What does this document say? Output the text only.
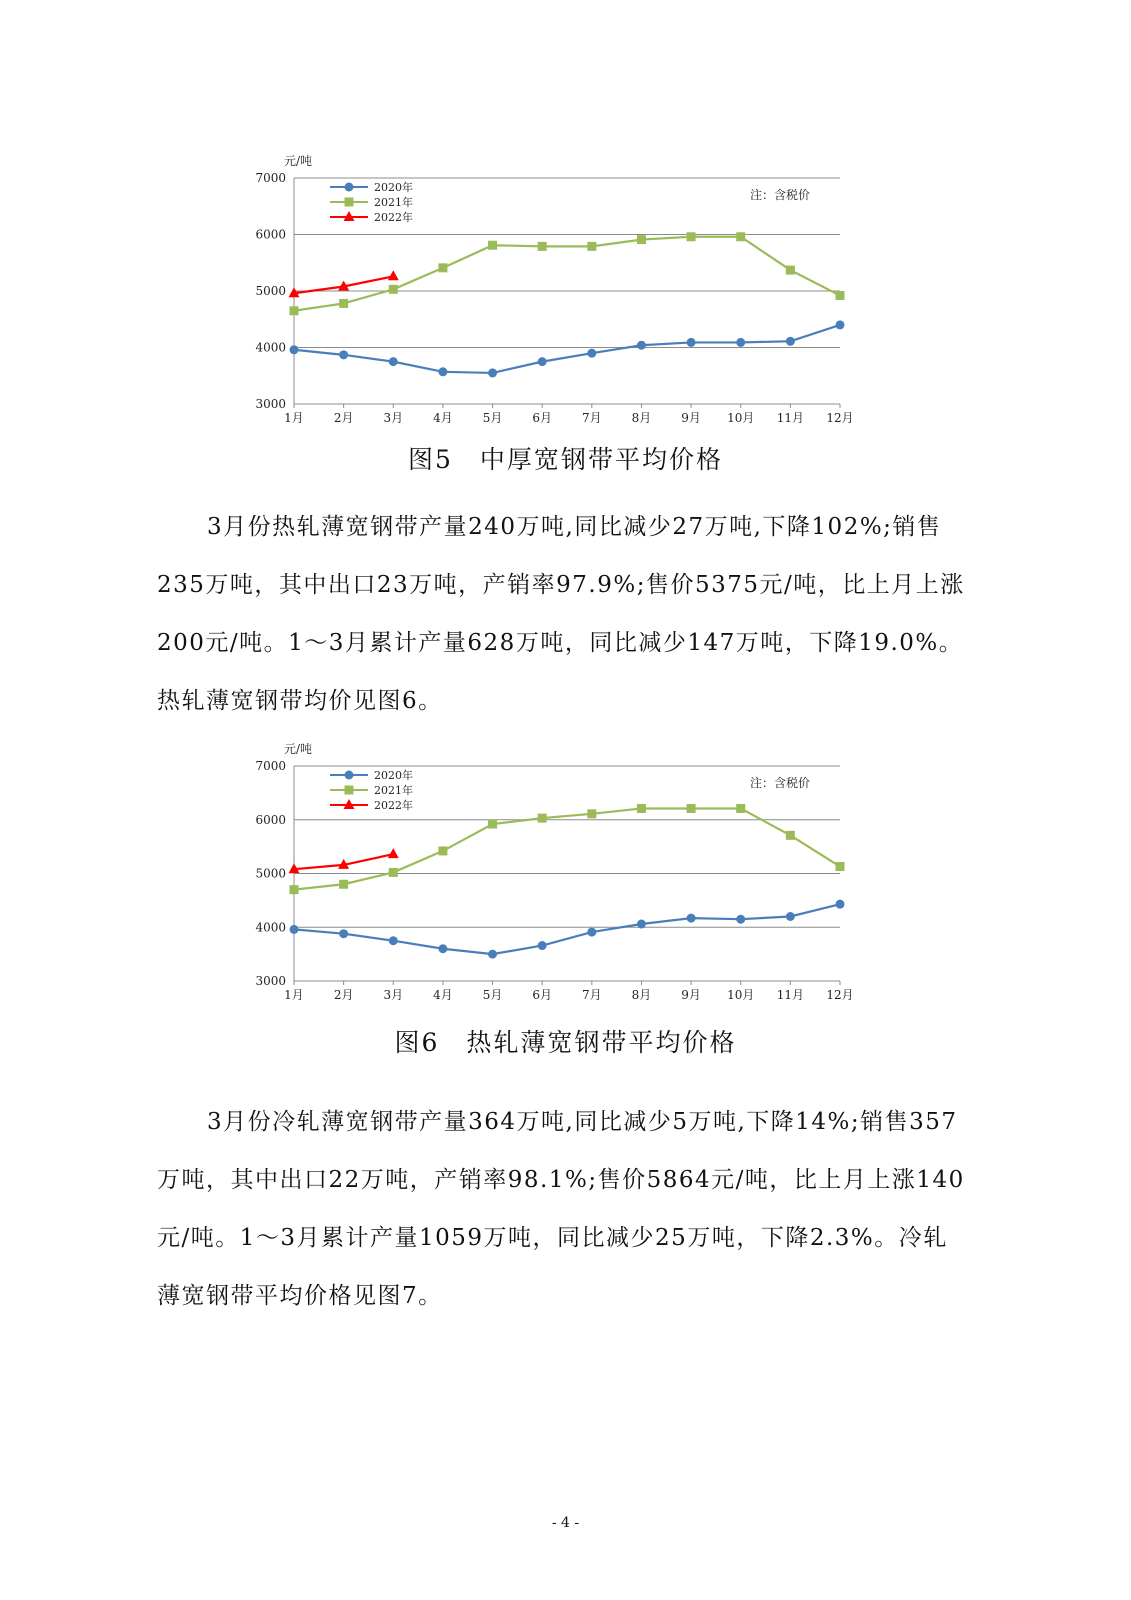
元/吨
3000
4000
5000
6000
7000
1月 2月 3月 4月 5月 6月 7月 8月 9月 10月 11月 12月
2020年
2021年
2022年
注：含税价
图5　中厚宽钢带平均价格
3月份热轧薄宽钢带产量240万吨,同比减少27万吨,下降102%;销售235万吨，其中出口23万吨，产销率97.9%;售价5375元/吨，比上月上涨200元/吨。1～3月累计产量628万吨，同比减少147万吨，下降19.0%。热轧薄宽钢带均价见图6。
元/吨
3000
4000
5000
6000
7000
1月 2月 3月 4月 5月 6月 7月 8月 9月 10月 11月 12月
2020年
2021年
2022年
注：含税价
图6　热轧薄宽钢带平均价格
3月份冷轧薄宽钢带产量364万吨,同比减少5万吨,下降14%;销售357万吨，其中出口22万吨，产销率98.1%;售价5864元/吨，比上月上涨140元/吨。1～3月累计产量1059万吨，同比减少25万吨，下降2.3%。冷轧薄宽钢带平均价格见图7。
- 4 -
